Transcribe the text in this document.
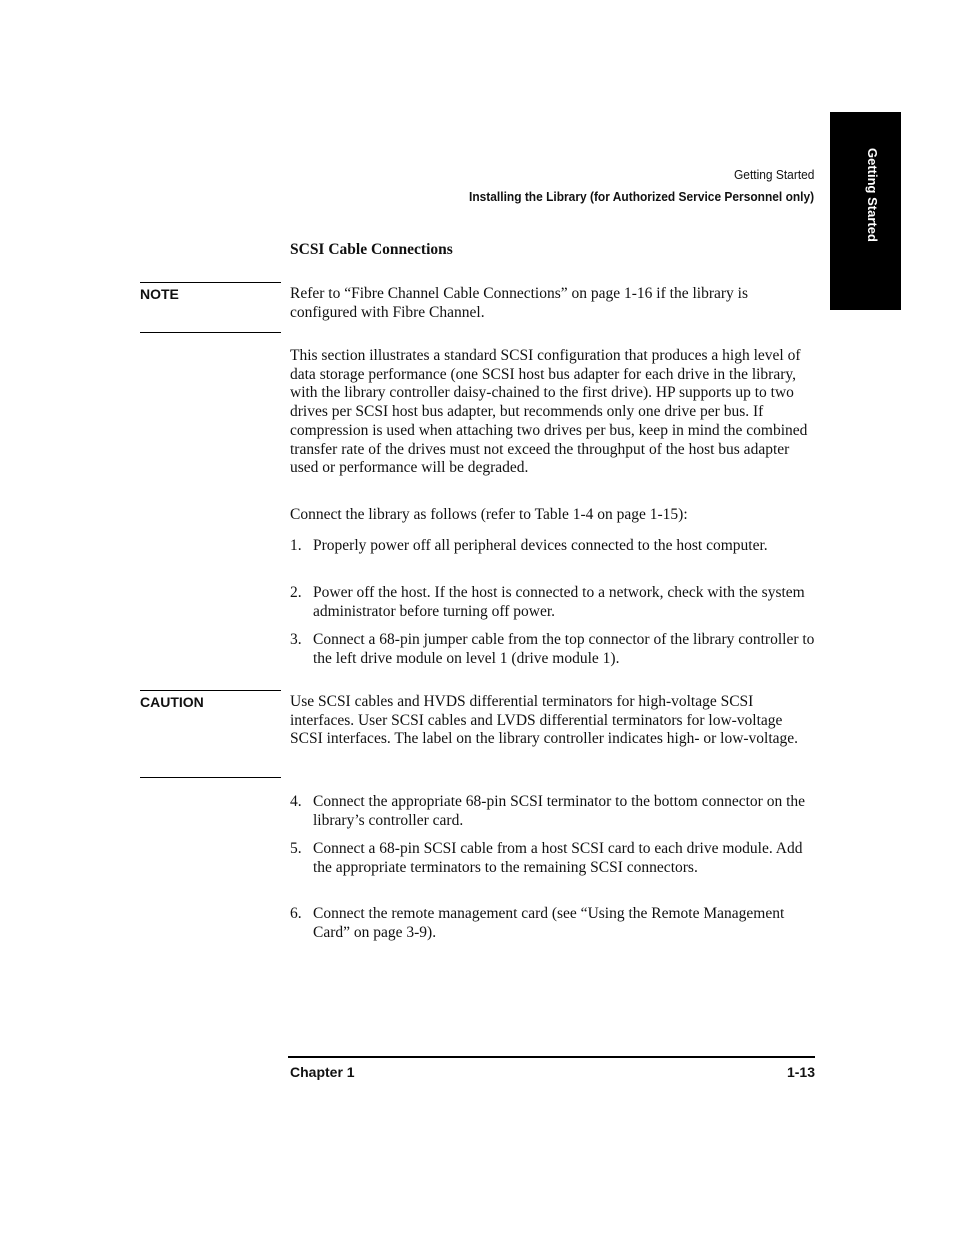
Getting Started
Getting Started
Installing the Library (for Authorized Service Personnel only)
SCSI Cable Connections
NOTE	Refer to “Fibre Channel Cable Connections” on page 1-16 if the library is configured with Fibre Channel.

This section illustrates a standard SCSI configuration that produces a high level of data storage performance (one SCSI host bus adapter for each drive in the library, with the library controller daisy-chained to the first drive). HP supports up to two drives per SCSI host bus adapter, but recommends only one drive per bus. If compression is used when attaching two drives per bus, keep in mind the combined transfer rate of the drives must not exceed the throughput of the host bus adapter used or performance will be degraded.

Connect the library as follows (refer to Table 1-4 on page 1-15):

1. Properly power off all peripheral devices connected to the host computer.
2. Power off the host. If the host is connected to a network, check with the system administrator before turning off power.
3. Connect a 68-pin jumper cable from the top connector of the library controller to the left drive module on level 1 (drive module 1).
CAUTION	Use SCSI cables and HVDS differential terminators for high-voltage SCSI interfaces. User SCSI cables and LVDS differential terminators for low-voltage SCSI interfaces. The label on the library controller indicates high- or low-voltage.

4. Connect the appropriate 68-pin SCSI terminator to the bottom connector on the library’s controller card.
5. Connect a 68-pin SCSI cable from a host SCSI card to each drive module. Add the appropriate terminators to the remaining SCSI connectors.
6. Connect the remote management card (see “Using the Remote Management Card” on page 3-9).
Chapter 1	1-13
